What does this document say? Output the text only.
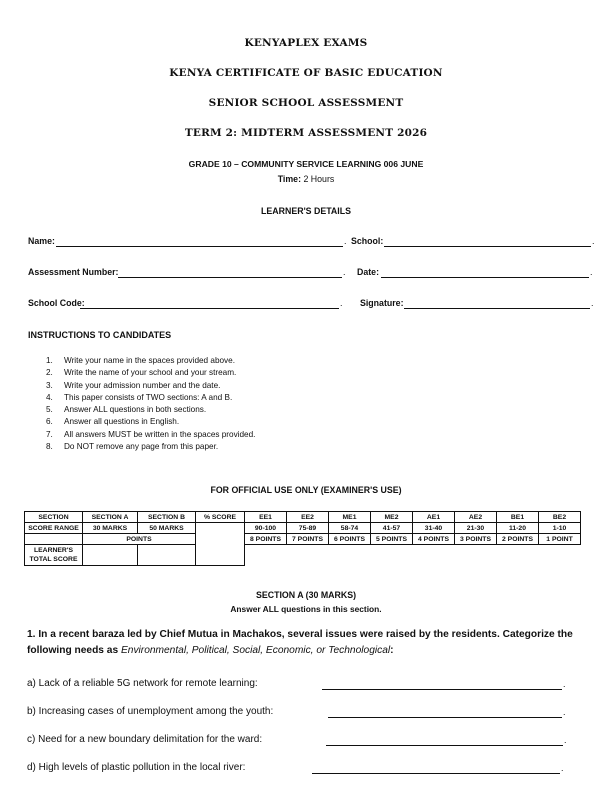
KENYAPLEX EXAMS
KENYA CERTIFICATE OF BASIC EDUCATION
SENIOR SCHOOL ASSESSMENT
TERM 2: MIDTERM ASSESSMENT 2026
GRADE 10 – COMMUNITY SERVICE LEARNING 006 JUNE
Time: 2 Hours
LEARNER'S DETAILS
Name:	. School:	.
Assessment Number:	. Date:	.
School Code:	. Signature:	.
INSTRUCTIONS TO CANDIDATES
1. Write your name in the spaces provided above.
2. Write the name of your school and your stream.
3. Write your admission number and the date.
4. This paper consists of TWO sections: A and B.
5. Answer ALL questions in both sections.
6. Answer all questions in English.
7. All answers MUST be written in the spaces provided.
8. Do NOT remove any page from this paper.
FOR OFFICIAL USE ONLY (EXAMINER'S USE)
SECTION	SECTION A	SECTION B	% SCORE	EE1	EE2	ME1	ME2	AE1	AE2	BE1	BE2
SCORE RANGE	30 MARKS	50 MARKS		90-100	75-89	58-74	41-57	31-40	21-30	11-20	1-10
	POINTS			8 POINTS	7 POINTS	6 POINTS	5 POINTS	4 POINTS	3 POINTS	2 POINTS	1 POINT
LEARNER'S TOTAL SCORE											
SECTION A (30 MARKS)
Answer ALL questions in this section.
1. In a recent baraza led by Chief Mutua in Machakos, several issues were raised by the residents. Categorize the following needs as Environmental, Political, Social, Economic, or Technological:
a) Lack of a reliable 5G network for remote learning:	.
b) Increasing cases of unemployment among the youth:	.
c) Need for a new boundary delimitation for the ward:	.
d) High levels of plastic pollution in the local river:	.
